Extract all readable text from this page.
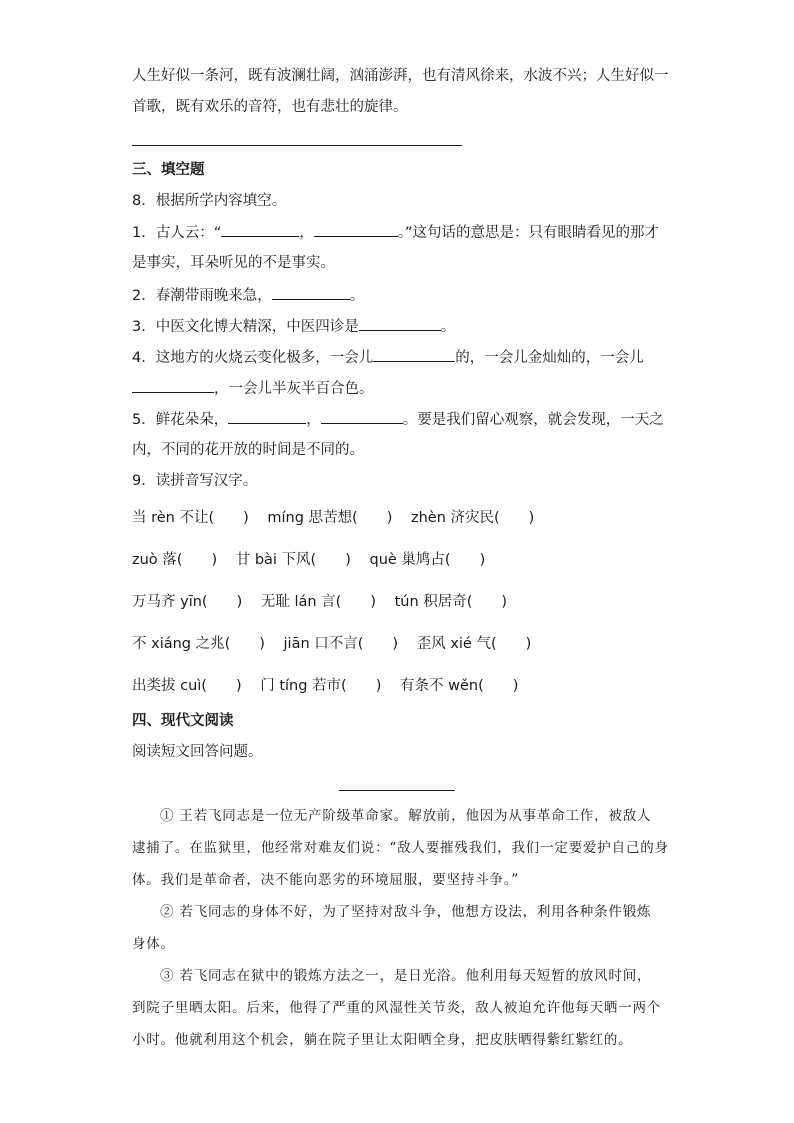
人生好似一条河，既有波澜壮阔，汹涌澎湃，也有清风徐来，水波不兴；人生好似一
首歌，既有欢乐的音符，也有悲壮的旋律。
三、填空题
8．根据所学内容填空。
1．古人云：“	，	。”这句话的意思是：只有眼睛看见的那才
是事实，耳朵听见的不是事实。
2．春潮带雨晚来急，	。
3．中医文化博大精深，中医四诊是	。
4．这地方的火烧云变化极多，一会儿	的，一会儿金灿灿的，一会儿
，一会儿半灰半百合色。
5．鲜花朵朵，	，	。要是我们留心观察，就会发现，一天之
内，不同的花开放的时间是不同的。
9．读拼音写汉字。
当 rèn 不让(　　) míng 思苦想(　　) zhèn 济灾民(　　)
zuò 落(　　) 甘 bài 下风(　　) què 巢鸠占(　　)
万马齐 yīn(　　) 无耻 lán 言(　　) tún 积居奇(　　)
不 xiáng 之兆(　　) jiān 口不言(　　) 歪风 xié 气(　　)
出类拔 cuì(　　) 门 tíng 若市(　　) 有条不 wěn(　　)
四、现代文阅读
阅读短文回答问题。
① 王若飞同志是一位无产阶级革命家。解放前，他因为从事革命工作，被敌人
逮捕了。在监狱里，他经常对难友们说：“敌人要摧残我们，我们一定要爱护自己的身
体。我们是革命者，决不能向恶劣的环境屈服，要坚持斗争。”
② 若飞同志的身体不好，为了坚持对敌斗争，他想方设法，利用各种条件锻炼
身体。
③ 若飞同志在狱中的锻炼方法之一，是日光浴。他利用每天短暂的放风时间，
到院子里晒太阳。后来，他得了严重的风湿性关节炎，敌人被迫允许他每天晒一两个
小时。他就利用这个机会，躺在院子里让太阳晒全身，把皮肤晒得紫红紫红的。
